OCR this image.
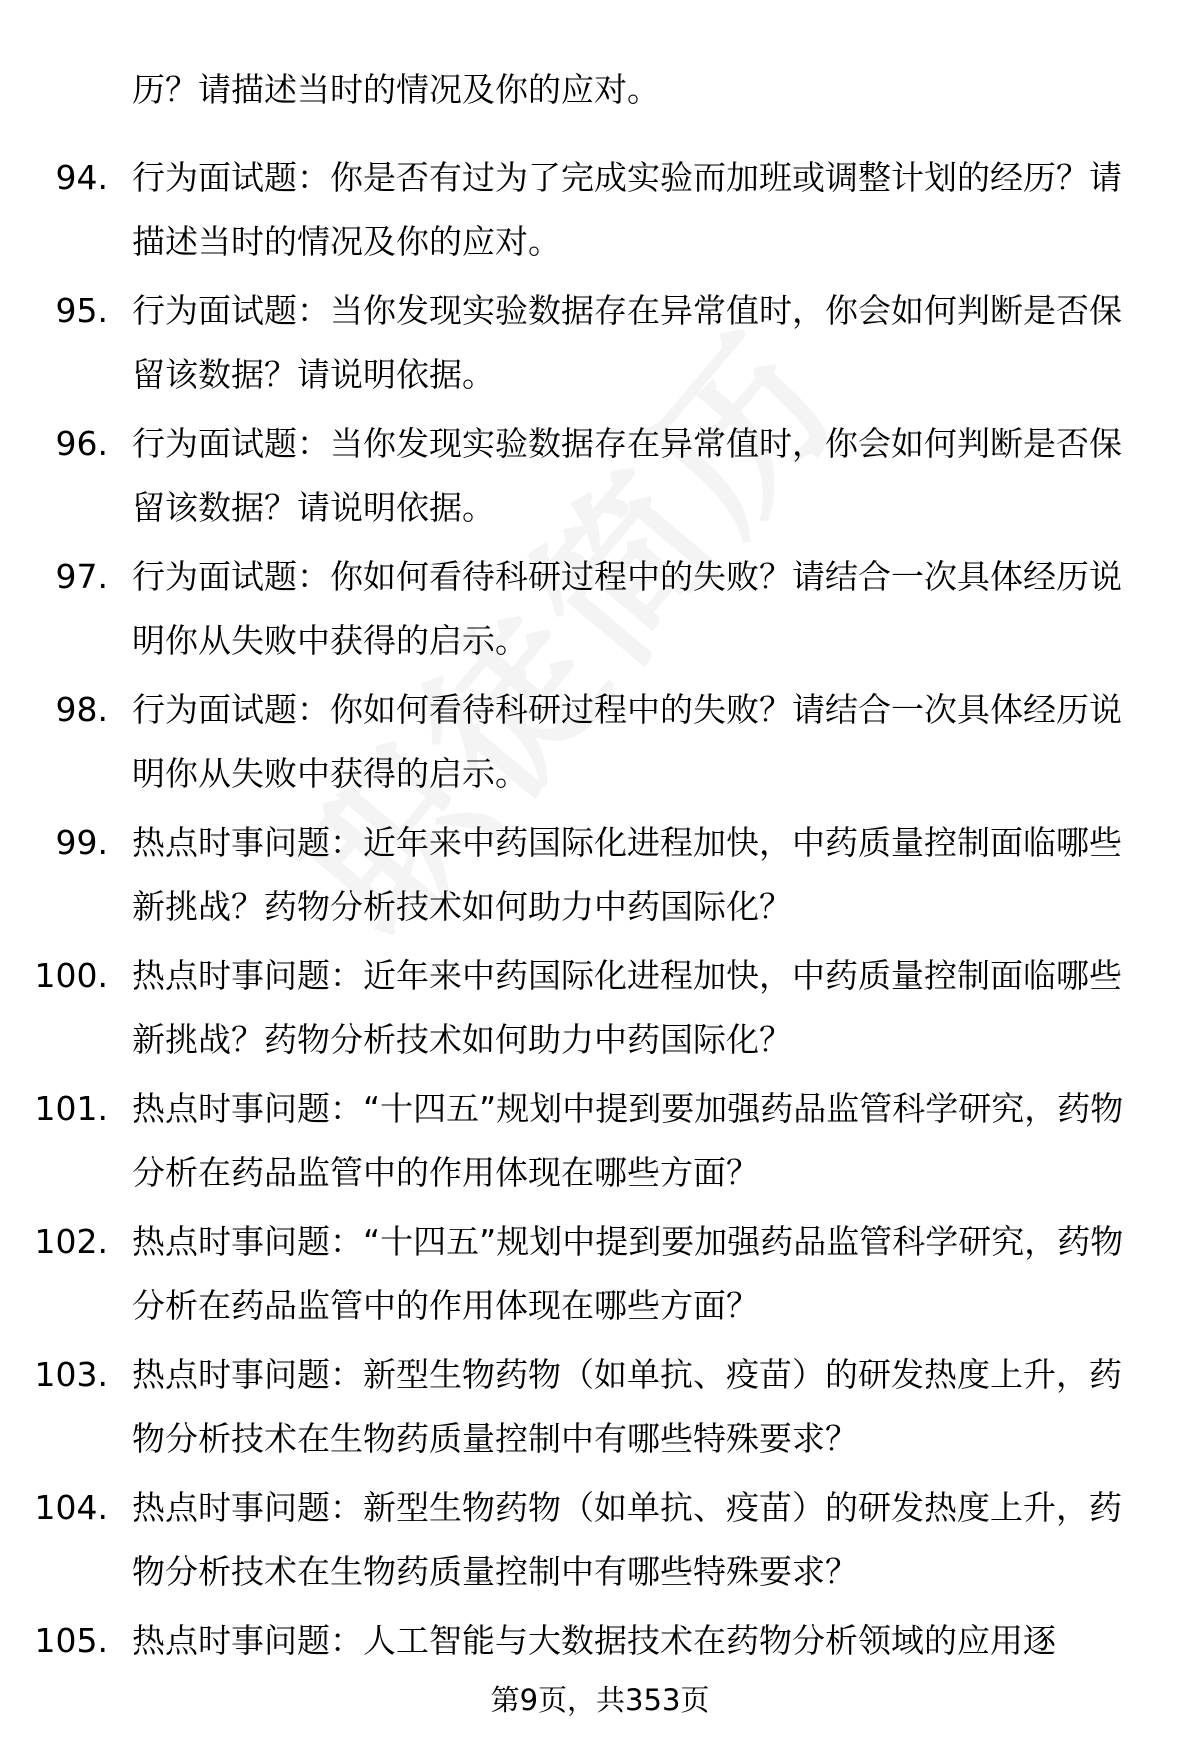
历？请描述当时的情况及你的应对。
94. 行为面试题：你是否有过为了完成实验而加班或调整计划的经历？请描述当时的情况及你的应对。
95. 行为面试题：当你发现实验数据存在异常值时，你会如何判断是否保留该数据？请说明依据。
96. 行为面试题：当你发现实验数据存在异常值时，你会如何判断是否保留该数据？请说明依据。
97. 行为面试题：你如何看待科研过程中的失败？请结合一次具体经历说明你从失败中获得的启示。
98. 行为面试题：你如何看待科研过程中的失败？请结合一次具体经历说明你从失败中获得的启示。
99. 热点时事问题：近年来中药国际化进程加快，中药质量控制面临哪些新挑战？药物分析技术如何助力中药国际化？
100. 热点时事问题：近年来中药国际化进程加快，中药质量控制面临哪些新挑战？药物分析技术如何助力中药国际化？
101. 热点时事问题：“十四五”规划中提到要加强药品监管科学研究，药物分析在药品监管中的作用体现在哪些方面？
102. 热点时事问题：“十四五”规划中提到要加强药品监管科学研究，药物分析在药品监管中的作用体现在哪些方面？
103. 热点时事问题：新型生物药物（如单抗、疫苗）的研发热度上升，药物分析技术在生物药质量控制中有哪些特殊要求？
104. 热点时事问题：新型生物药物（如单抗、疫苗）的研发热度上升，药物分析技术在生物药质量控制中有哪些特殊要求？
105. 热点时事问题：人工智能与大数据技术在药物分析领域的应用逐
第9页，共353页
